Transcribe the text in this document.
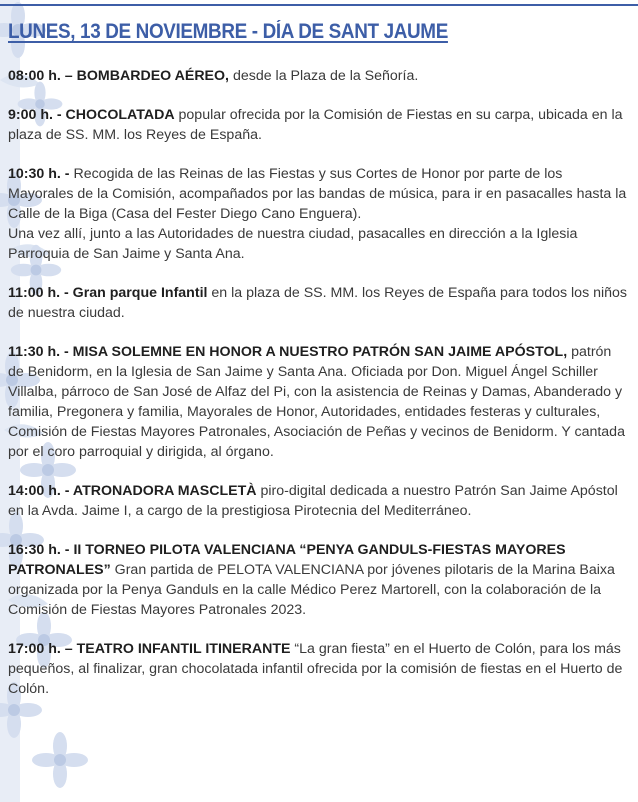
LUNES, 13 DE NOVIEMBRE - DÍA DE SANT JAUME

08:00 h. – BOMBARDEO AÉREO, desde la Plaza de la Señoría.

9:00 h. - CHOCOLATADA popular ofrecida por la Comisión de Fiestas en su carpa, ubicada en la plaza de SS. MM. los Reyes de España.

10:30 h. - Recogida de las Reinas de las Fiestas y sus Cortes de Honor por parte de los Mayorales de la Comisión, acompañados por las bandas de música, para ir en pasacalles hasta la Calle de la Biga (Casa del Fester Diego Cano Enguera).

Una vez allí, junto a las Autoridades de nuestra ciudad, pasacalles en dirección a la Iglesia Parroquia de San Jaime y Santa Ana.

11:00 h. - Gran parque Infantil en la plaza de SS. MM. los Reyes de España para todos los niños de nuestra ciudad.

11:30 h. - MISA SOLEMNE EN HONOR A NUESTRO PATRÓN SAN JAIME APÓSTOL, patrón de Benidorm, en la Iglesia de San Jaime y Santa Ana. Oficiada por Don. Miguel Ángel Schiller Villalba, párroco de San José de Alfaz del Pi, con la asistencia de Reinas y Damas, Abanderado y familia, Pregonera y familia, Mayorales de Honor, Autoridades, entidades festeras y culturales, Comisión de Fiestas Mayores Patronales, Asociación de Peñas y vecinos de Benidorm. Y cantada por el coro parroquial y dirigida, al órgano.

14:00 h. - ATRONADORA MASCLETÀ piro-digital dedicada a nuestro Patrón San Jaime Apóstol en la Avda. Jaime I, a cargo de la prestigiosa Pirotecnia del Mediterráneo.

16:30 h. - II TORNEO PILOTA VALENCIANA “PENYA GANDULS-FIESTAS MAYORES PATRONALES” Gran partida de PELOTA VALENCIANA por jóvenes pilotaris de la Marina Baixa organizada por la Penya Ganduls en la calle Médico Perez Martorell, con la colaboración de la Comisión de Fiestas Mayores Patronales 2023.

17:00 h. – TEATRO INFANTIL ITINERANTE “La gran fiesta” en el Huerto de Colón, para los más pequeños, al finalizar, gran chocolatada infantil ofrecida por la comisión de fiestas en el Huerto de Colón.
